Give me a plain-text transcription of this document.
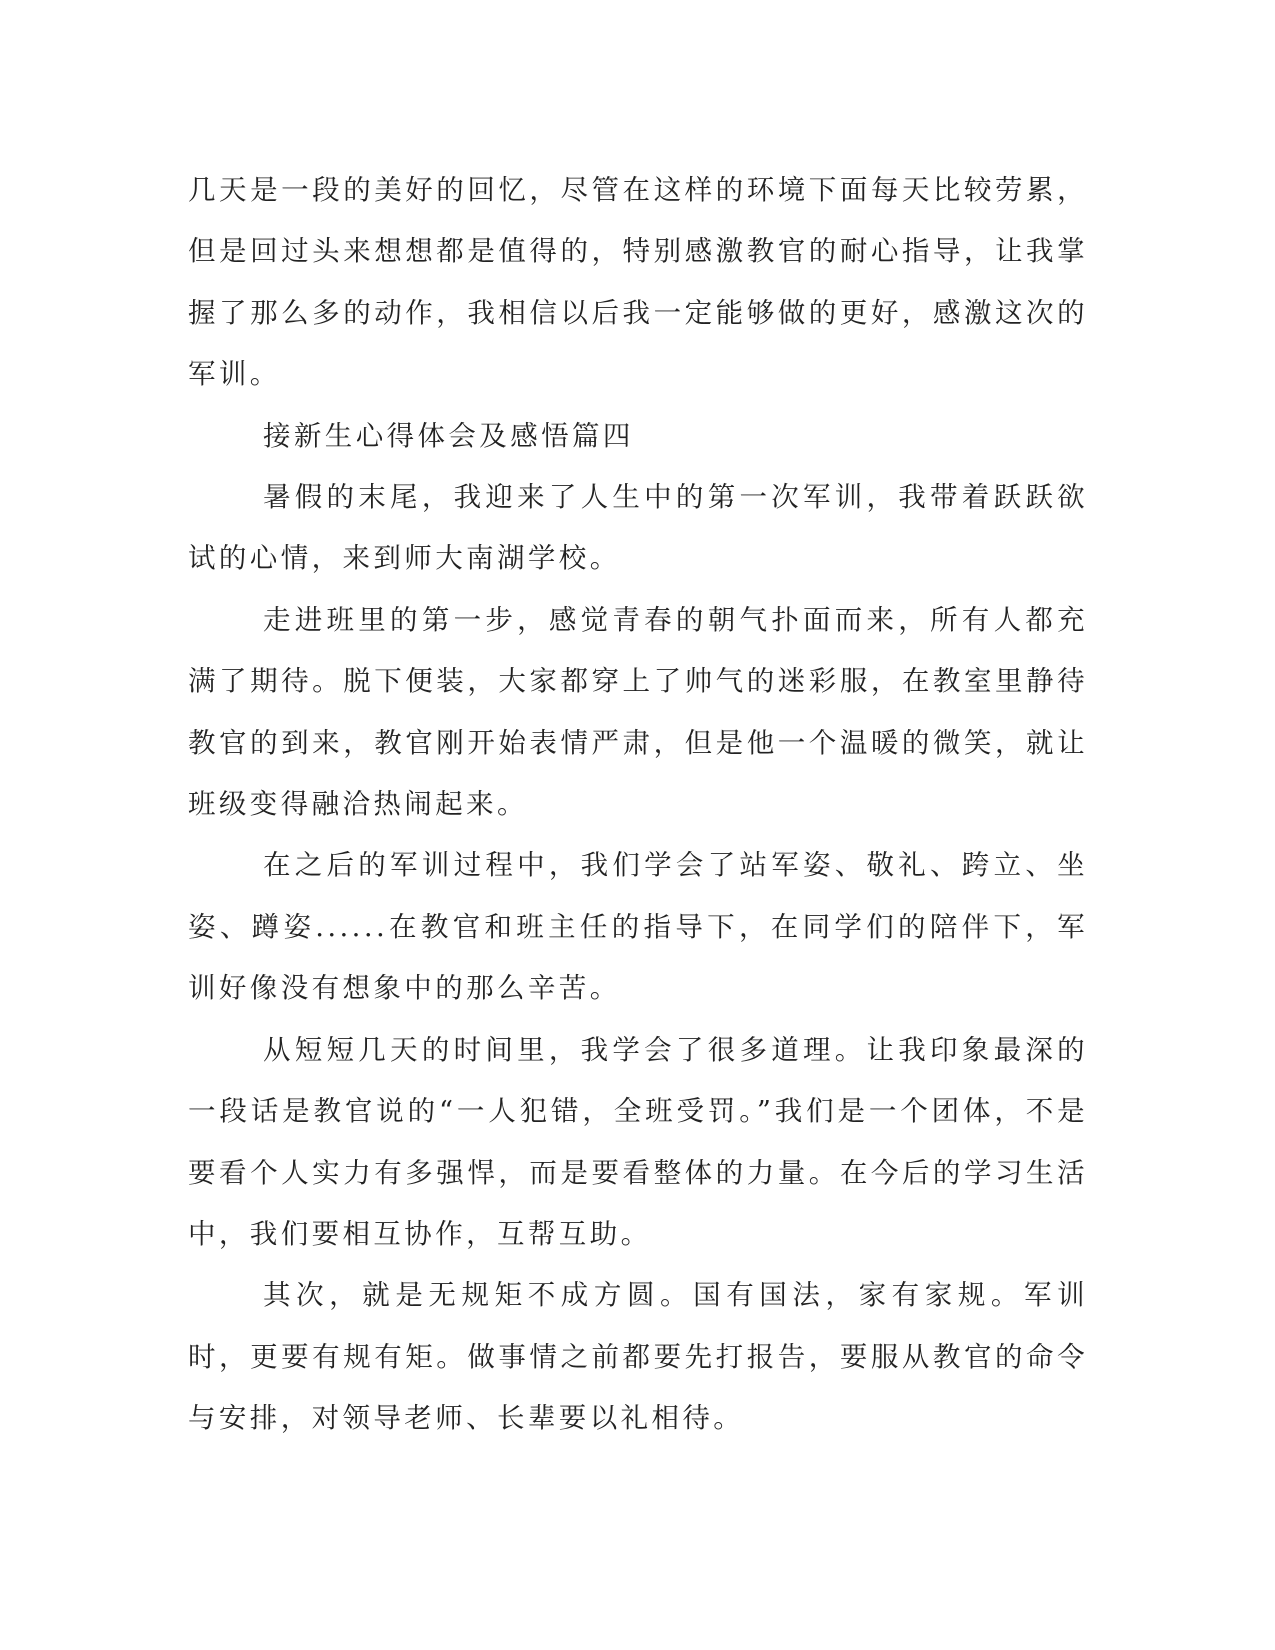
几天是一段的美好的回忆，尽管在这样的环境下面每天比较劳累，但是回过头来想想都是值得的，特别感激教官的耐心指导，让我掌握了那么多的动作，我相信以后我一定能够做的更好，感激这次的军训。

接新生心得体会及感悟篇四

暑假的末尾，我迎来了人生中的第一次军训，我带着跃跃欲试的心情，来到师大南湖学校。

走进班里的第一步，感觉青春的朝气扑面而来，所有人都充满了期待。脱下便装，大家都穿上了帅气的迷彩服，在教室里静待教官的到来，教官刚开始表情严肃，但是他一个温暖的微笑，就让班级变得融洽热闹起来。

在之后的军训过程中，我们学会了站军姿、敬礼、跨立、坐姿、蹲姿......在教官和班主任的指导下，在同学们的陪伴下，军训好像没有想象中的那么辛苦。

从短短几天的时间里，我学会了很多道理。让我印象最深的一段话是教官说的“一人犯错，全班受罚。”我们是一个团体，不是要看个人实力有多强悍，而是要看整体的力量。在今后的学习生活中，我们要相互协作，互帮互助。

其次，就是无规矩不成方圆。国有国法，家有家规。军训时，更要有规有矩。做事情之前都要先打报告，要服从教官的命令与安排，对领导老师、长辈要以礼相待。
